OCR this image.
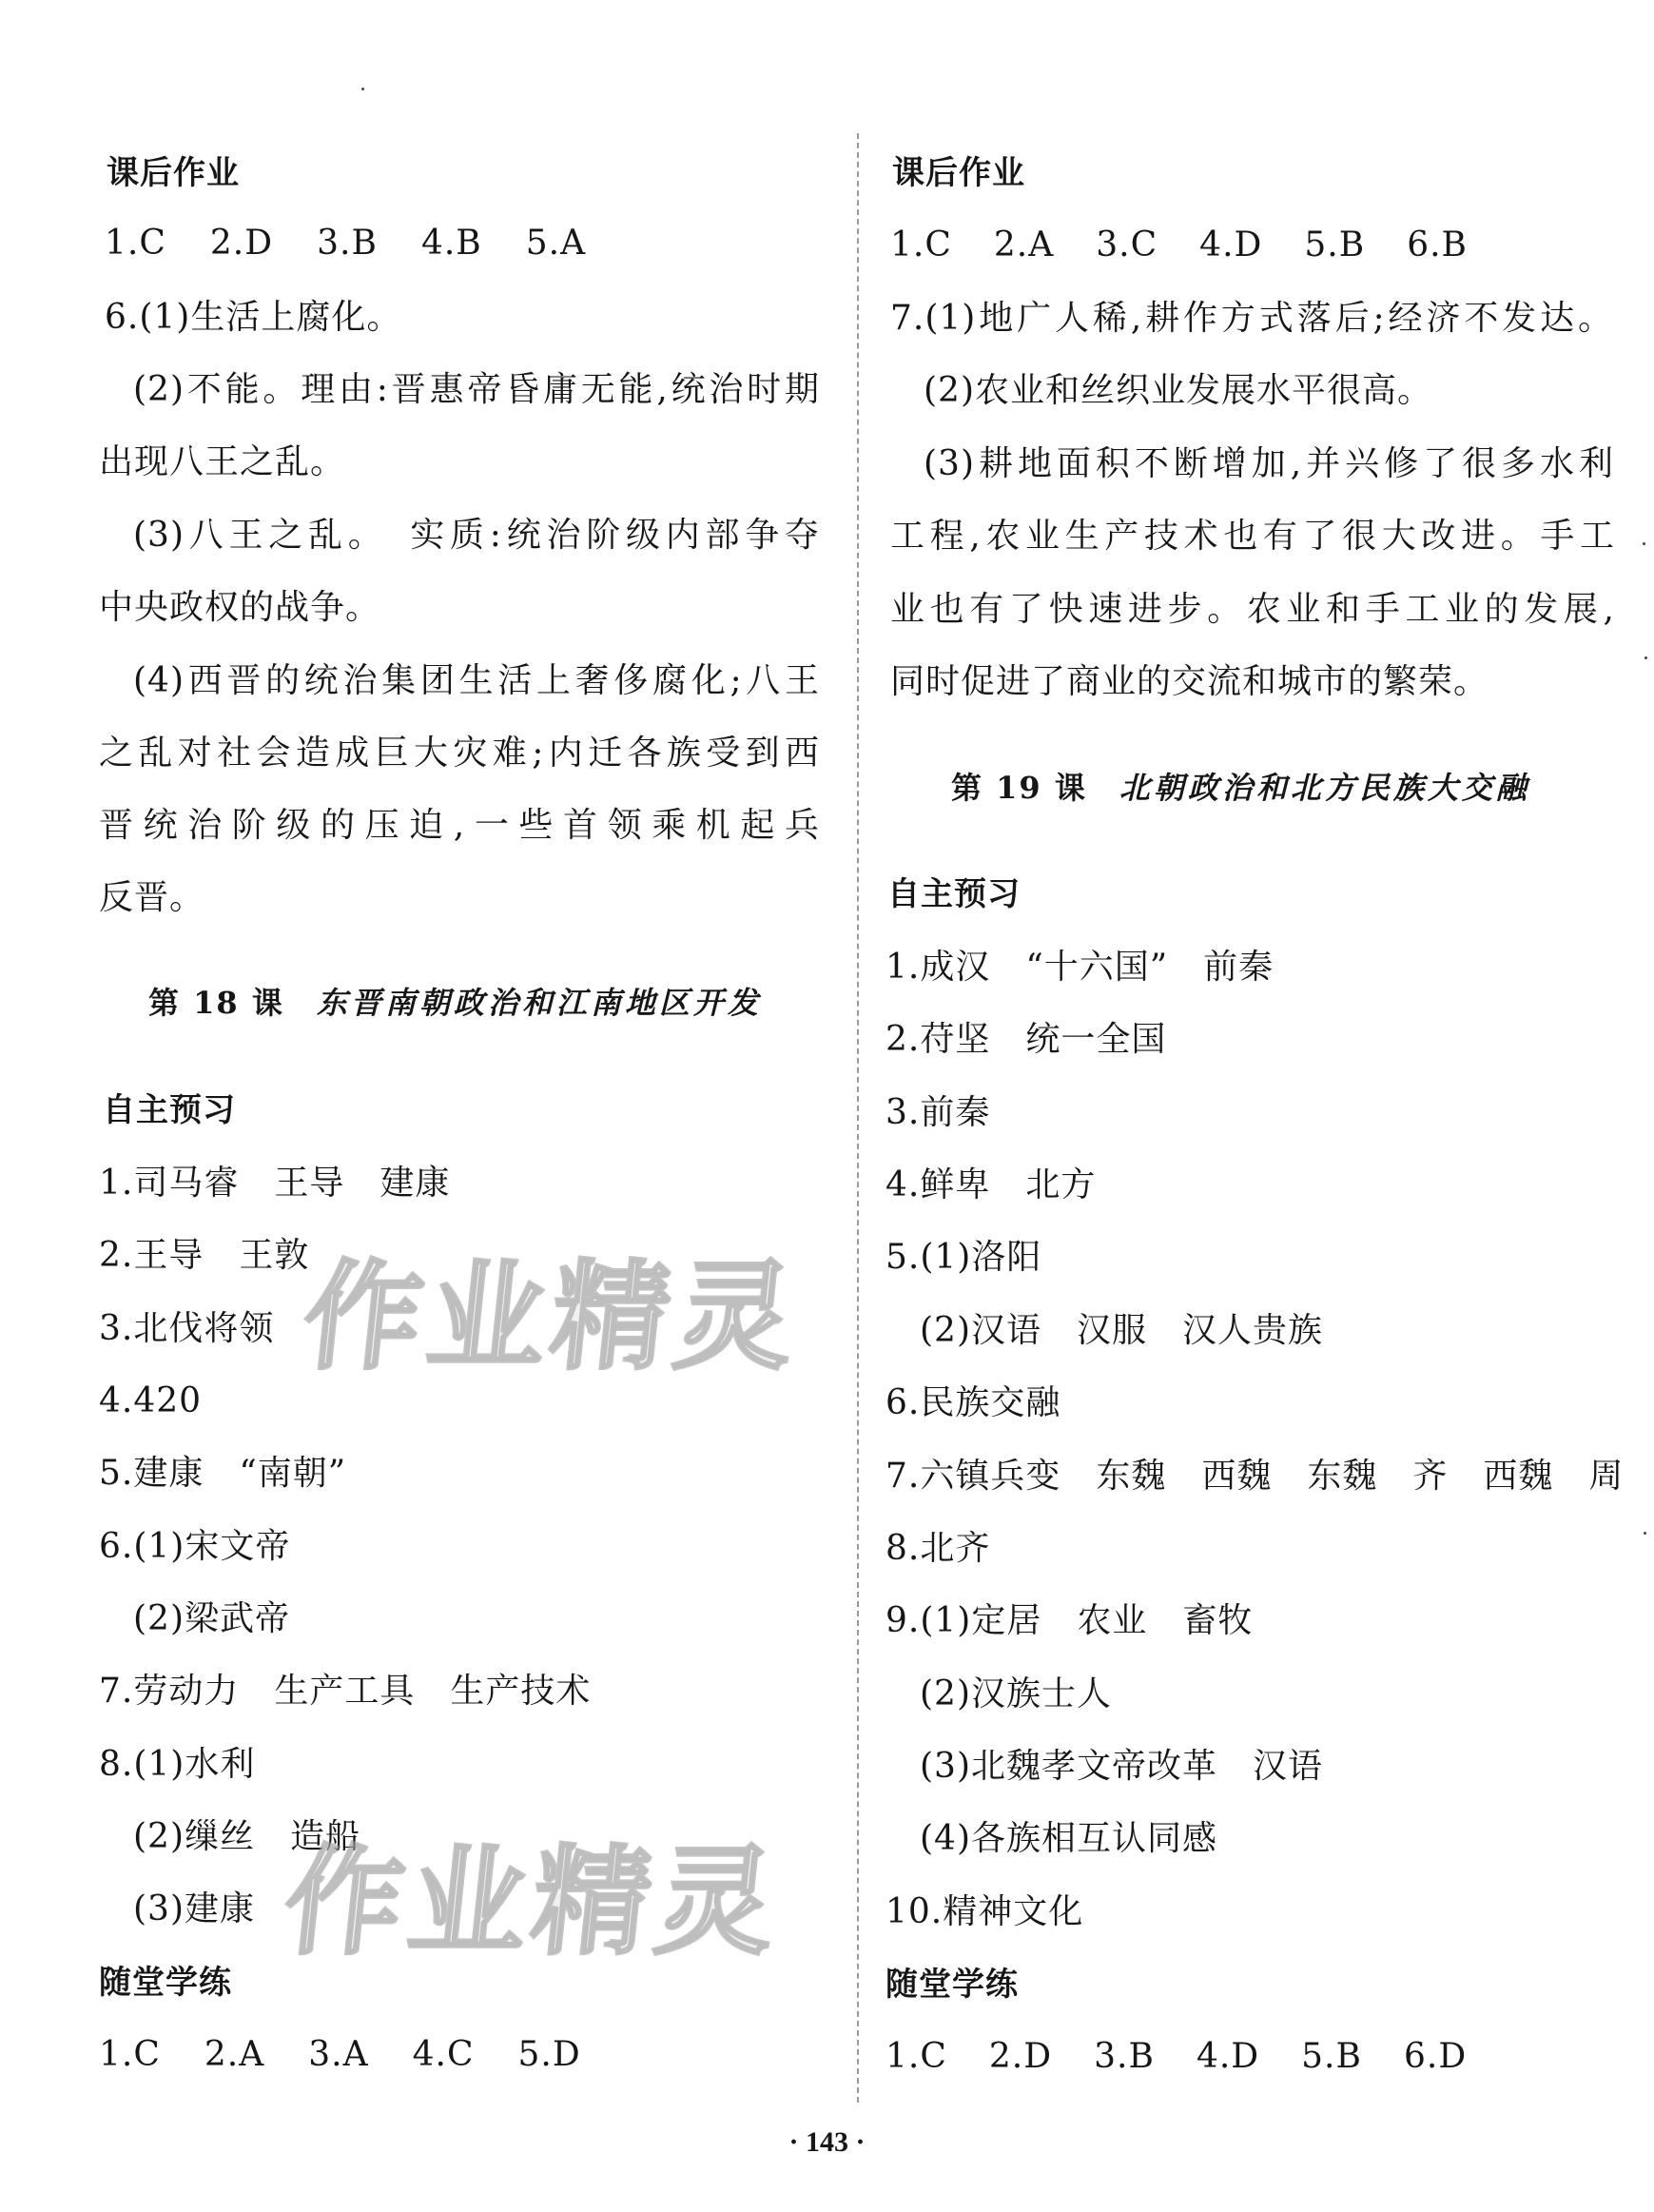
课后作业
1.C 2.D 3.B 4.B 5.A
6.(1)生活上腐化。
(2)不能。理由:晋惠帝昏庸无能,统治时期
出现八王之乱。
(3)八王之乱。　实质:统治阶级内部争夺
中央政权的战争。
(4)西晋的统治集团生活上奢侈腐化;八王
之乱对社会造成巨大灾难;内迁各族受到西
晋统治阶级的压迫,一些首领乘机起兵
反晋。
第 18 课 东晋南朝政治和江南地区开发
自主预习
1.司马睿　王导　建康
2.王导　王敦
3.北伐将领
4.420
5.建康　“南朝”
6.(1)宋文帝
(2)梁武帝
7.劳动力　生产工具　生产技术
8.(1)水利
(2)缫丝　造船
(3)建康
随堂学练
1.C 2.A 3.A 4.C 5.D
课后作业
1.C 2.A 3.C 4.D 5.B 6.B
7.(1)地广人稀,耕作方式落后;经济不发达。
(2)农业和丝织业发展水平很高。
(3)耕地面积不断增加,并兴修了很多水利
工程,农业生产技术也有了很大改进。手工
业也有了快速进步。农业和手工业的发展,
同时促进了商业的交流和城市的繁荣。
第 19 课 北朝政治和北方民族大交融
自主预习
1.成汉　“十六国”　前秦
2.苻坚　统一全国
3.前秦
4.鲜卑　北方
5.(1)洛阳
(2)汉语　汉服　汉人贵族
6.民族交融
7.六镇兵变　东魏　西魏　东魏　齐　西魏　周
8.北齐
9.(1)定居　农业　畜牧
(2)汉族士人
(3)北魏孝文帝改革　汉语
(4)各族相互认同感
10.精神文化
随堂学练
1.C 2.D 3.B 4.D 5.B 6.D
作业精灵
作业精灵
· 143 ·
